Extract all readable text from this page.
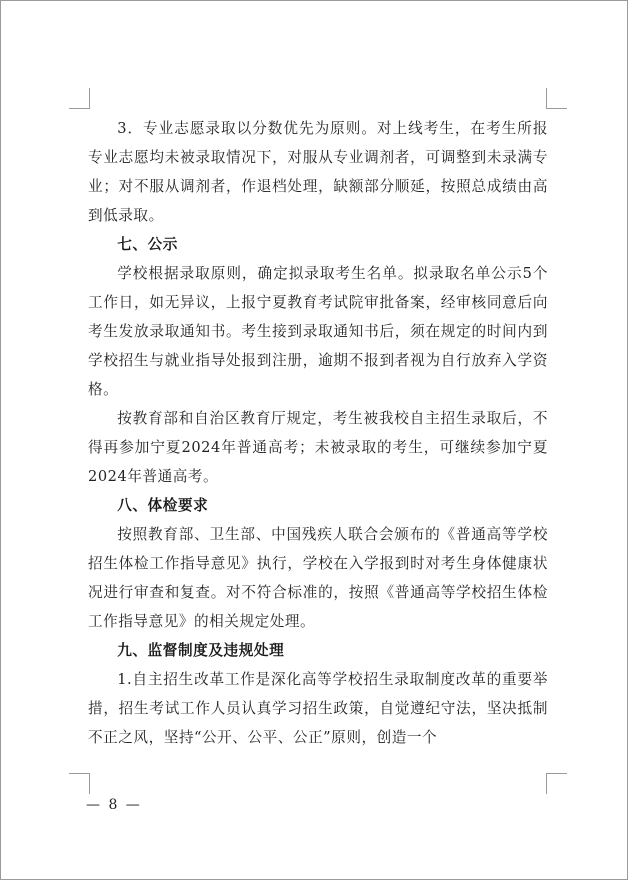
3．专业志愿录取以分数优先为原则。对上线考生，在考生所报专业志愿均未被录取情况下，对服从专业调剂者，可调整到未录满专业；对不服从调剂者，作退档处理，缺额部分顺延，按照总成绩由高到低录取。

七、公示

学校根据录取原则，确定拟录取考生名单。拟录取名单公示5个工作日，如无异议，上报宁夏教育考试院审批备案，经审核同意后向考生发放录取通知书。考生接到录取通知书后，须在规定的时间内到学校招生与就业指导处报到注册，逾期不报到者视为自行放弃入学资格。

按教育部和自治区教育厅规定，考生被我校自主招生录取后，不得再参加宁夏2024年普通高考；未被录取的考生，可继续参加宁夏2024年普通高考。

八、体检要求

按照教育部、卫生部、中国残疾人联合会颁布的《普通高等学校招生体检工作指导意见》执行，学校在入学报到时对考生身体健康状况进行审查和复查。对不符合标准的，按照《普通高等学校招生体检工作指导意见》的相关规定处理。

九、监督制度及违规处理

1.自主招生改革工作是深化高等学校招生录取制度改革的重要举措，招生考试工作人员认真学习招生政策，自觉遵纪守法，坚决抵制不正之风，坚持“公开、公平、公正”原则，创造一个

— 8 —
